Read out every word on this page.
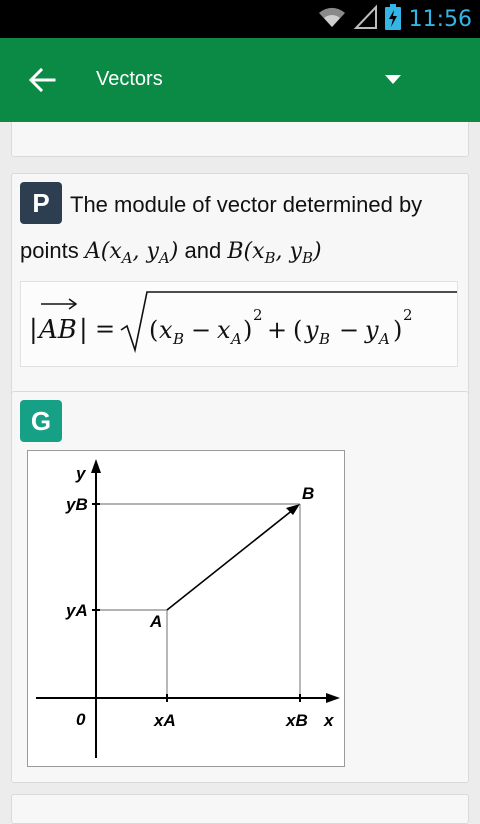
11:56
Vectors
P The module of vector determined by points $A(x_A$, $y_A$) and $B(x_B$, $y_B$)
| AB | = ( x B − x A )
2
+ ( y B − y A )
2
G
y
x
0
yB
yA
xA	xB
A
B
